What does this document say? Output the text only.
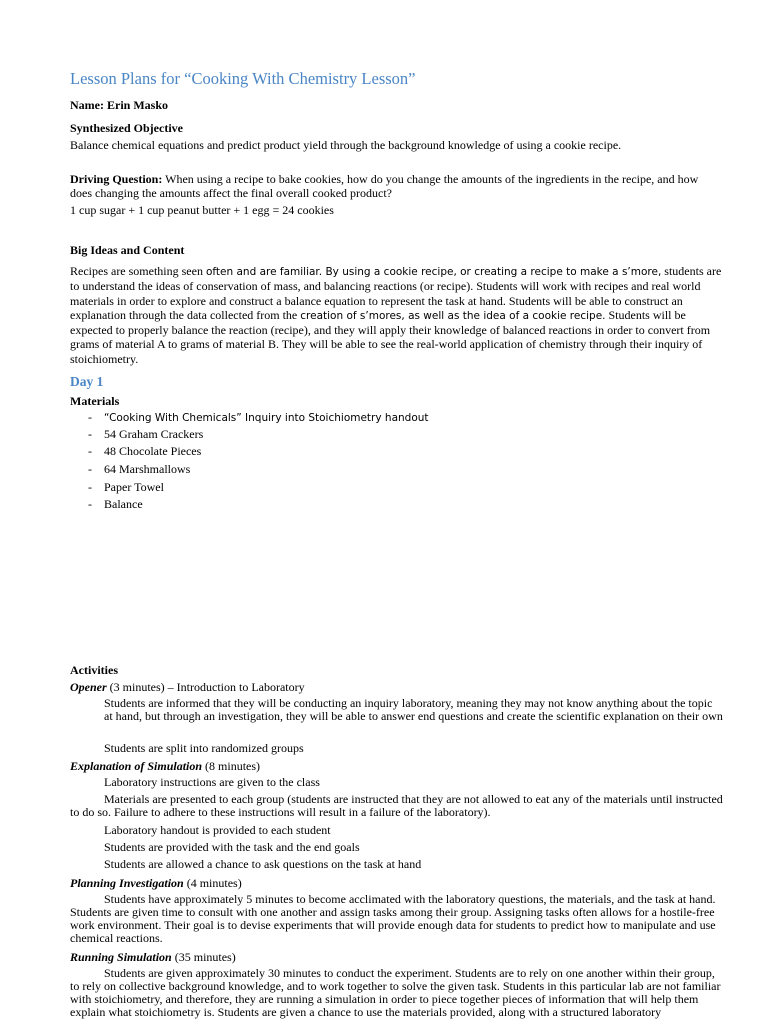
Lesson Plans for “Cooking With Chemistry Lesson”
Name: Erin Masko
Synthesized Objective
Balance chemical equations and predict product yield through the background knowledge of using a cookie recipe.
Driving Question: When using a recipe to bake cookies, how do you change the amounts of the ingredients in the recipe, and how does changing the amounts affect the final overall cooked product?
1 cup sugar + 1 cup peanut butter + 1 egg = 24 cookies
Big Ideas and Content
Recipes are something seen often and are familiar. By using a cookie recipe, or creating a recipe to make a s’more, students are to understand the ideas of conservation of mass, and balancing reactions (or recipe). Students will work with recipes and real world materials in order to explore and construct a balance equation to represent the task at hand. Students will be able to construct an explanation through the data collected from the creation of s’mores, as well as the idea of a cookie recipe. Students will be expected to properly balance the reaction (recipe), and they will apply their knowledge of balanced reactions in order to convert from grams of material A to grams of material B. They will be able to see the real-world application of chemistry through their inquiry of stoichiometry.
Day 1
Materials
- “Cooking With Chemicals” Inquiry into Stoichiometry handout
- 54 Graham Crackers
- 48 Chocolate Pieces
- 64 Marshmallows
- Paper Towel
- Balance
Activities
Opener (3 minutes) – Introduction to Laboratory
Students are informed that they will be conducting an inquiry laboratory, meaning they may not know anything about the topic at hand, but through an investigation, they will be able to answer end questions and create the scientific explanation on their own
Students are split into randomized groups
Explanation of Simulation (8 minutes)
Laboratory instructions are given to the class
Materials are presented to each group (students are instructed that they are not allowed to eat any of the materials until instructed to do so. Failure to adhere to these instructions will result in a failure of the laboratory).
Laboratory handout is provided to each student
Students are provided with the task and the end goals
Students are allowed a chance to ask questions on the task at hand
Planning Investigation (4 minutes)
Students have approximately 5 minutes to become acclimated with the laboratory questions, the materials, and the task at hand. Students are given time to consult with one another and assign tasks among their group. Assigning tasks often allows for a hostile-free work environment. Their goal is to devise experiments that will provide enough data for students to predict how to manipulate and use chemical reactions.
Running Simulation (35 minutes)
Students are given approximately 30 minutes to conduct the experiment. Students are to rely on one another within their group, to rely on collective background knowledge, and to work together to solve the given task. Students in this particular lab are not familiar with stoichiometry, and therefore, they are running a simulation in order to piece together pieces of information that will help them explain what stoichiometry is. Students are given a chance to use the materials provided, along with a structured laboratory
